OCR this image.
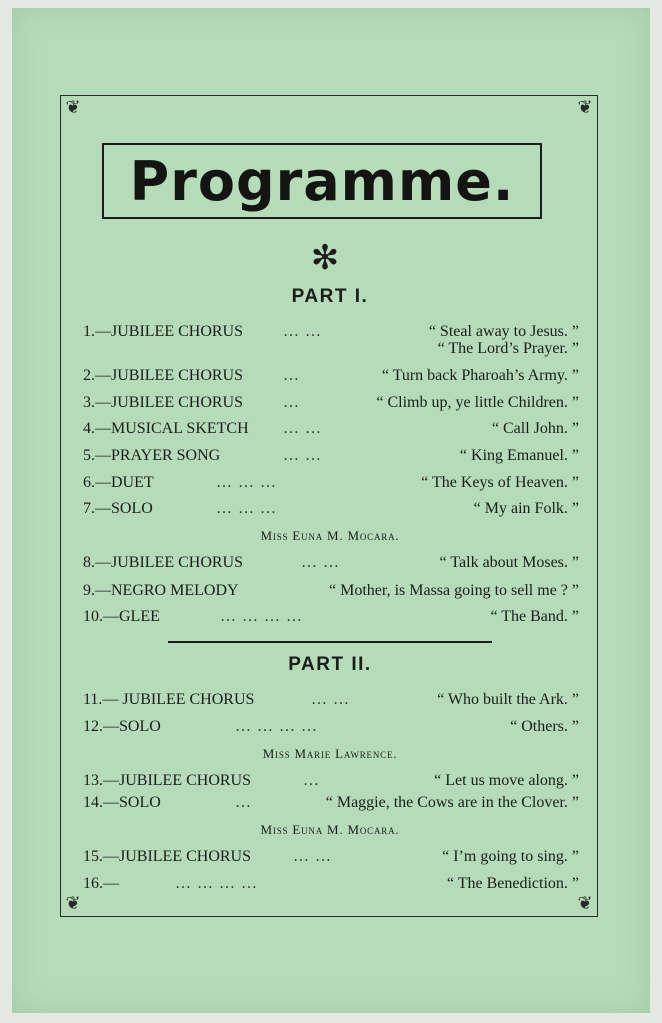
❦	❦
❦	❦
Programme.
✻
PART I.
1.—JUBILEE CHORUS … …	“ Steal away to Jesus. ”
“ The Lord’s Prayer. ”
2.—JUBILEE CHORUS …	“ Turn back Pharoah’s Army. ”
3.—JUBILEE CHORUS …	“ Climb up, ye little Children. ”
4.—MUSICAL SKETCH … …	“ Call John. ”
5.—PRAYER SONG	… …	“ King Emanuel. ”
6.—DUET	… … …	“ The Keys of Heaven. ”
7.—SOLO	… … …	“ My ain Folk. ”
Miss Euna M. Mocara.
8.—JUBILEE CHORUS	… …	“ Talk about Moses. ”
9.—NEGRO MELODY	“ Mother, is Massa going to sell me ? ”
10.—GLEE	… … … …	“ The Band. ”
PART II.
11.— JUBILEE CHORUS	… …	“ Who built the Ark. ”
12.—SOLO	… … … …	“ Others. ”
Miss Marie Lawrence.
13.—JUBILEE CHORUS	…	“ Let us move along. ”
14.—SOLO	…	“ Maggie, the Cows are in the Clover. ”
Miss Euna M. Mocara.
15.—JUBILEE CHORUS	… …	“ I’m going to sing. ”
16.—	… … … …	“ The Benediction. ”
